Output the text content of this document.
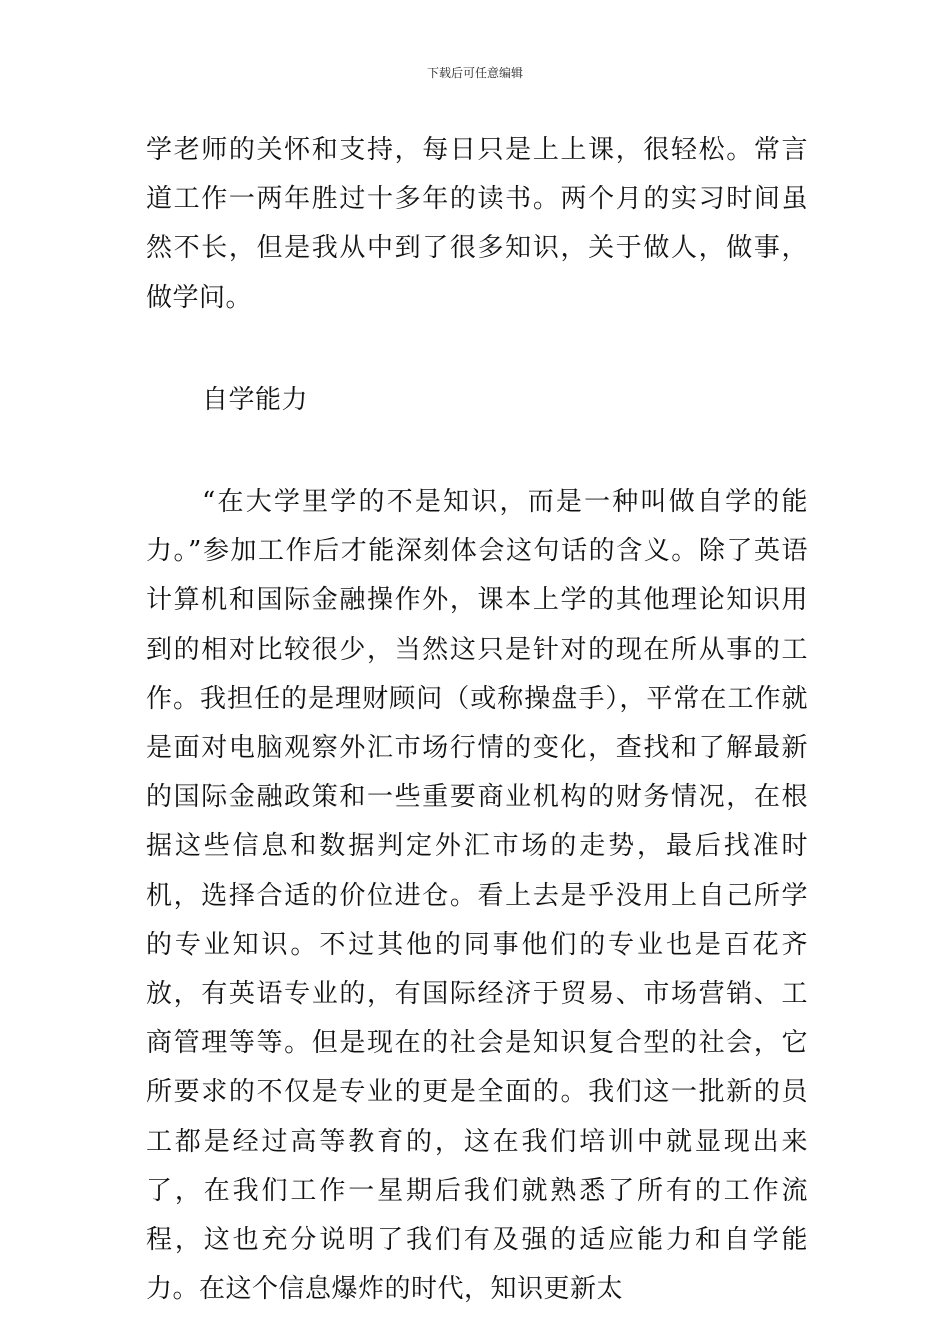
下载后可任意编辑

学老师的关怀和支持，每日只是上上课，很轻松。常言道工作一两年胜过十多年的读书。两个月的实习时间虽然不长，但是我从中到了很多知识，关于做人，做事，做学问。

自学能力

“在大学里学的不是知识，而是一种叫做自学的能力。”参加工作后才能深刻体会这句话的含义。除了英语计算机和国际金融操作外，课本上学的其他理论知识用到的相对比较很少，当然这只是针对的现在所从事的工作。我担任的是理财顾问（或称操盘手），平常在工作就是面对电脑观察外汇市场行情的变化，查找和了解最新的国际金融政策和一些重要商业机构的财务情况，在根据这些信息和数据判定外汇市场的走势，最后找准时机，选择合适的价位进仓。看上去是乎没用上自己所学的专业知识。不过其他的同事他们的专业也是百花齐放，有英语专业的，有国际经济于贸易、市场营销、工商管理等等。但是现在的社会是知识复合型的社会，它所要求的不仅是专业的更是全面的。我们这一批新的员工都是经过高等教育的，这在我们培训中就显现出来了，在我们工作一星期后我们就熟悉了所有的工作流程，这也充分说明了我们有及强的适应能力和自学能力。在这个信息爆炸的时代，知识更新太
